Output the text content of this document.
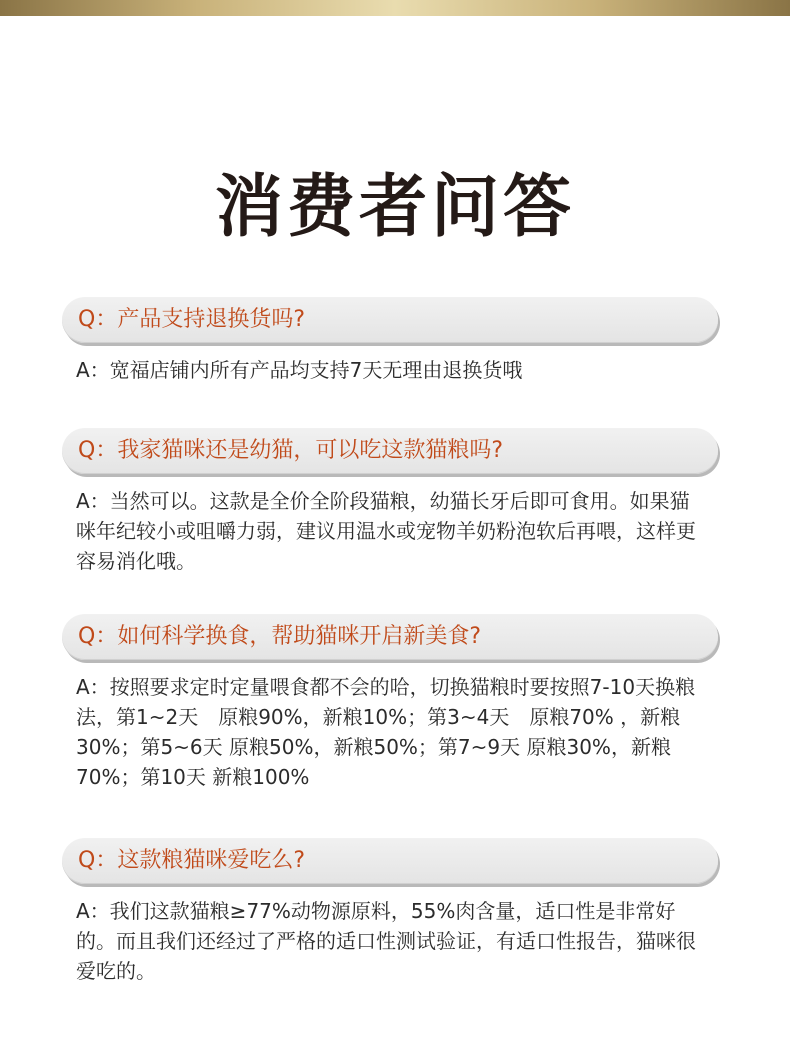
消费者问答
Q：产品支持退换货吗?
A：宽福店铺内所有产品均支持7天无理由退换货哦
Q：我家猫咪还是幼猫，可以吃这款猫粮吗?
A：当然可以。这款是全价全阶段猫粮，幼猫长牙后即可食用。如果猫咪年纪较小或咀嚼力弱，建议用温水或宠物羊奶粉泡软后再喂，这样更容易消化哦。
Q：如何科学换食，帮助猫咪开启新美食?
A：按照要求定时定量喂食都不会的哈，切换猫粮时要按照7-10天换粮法，第1~2天　原粮90%，新粮10%；第3~4天　原粮70% ，新粮30%；第5~6天 原粮50%，新粮50%；第7~9天 原粮30%，新粮70%；第10天 新粮100%
Q：这款粮猫咪爱吃么?
A：我们这款猫粮≥77%动物源原料，55%肉含量，适口性是非常好的。而且我们还经过了严格的适口性测试验证，有适口性报告，猫咪很爱吃的。
